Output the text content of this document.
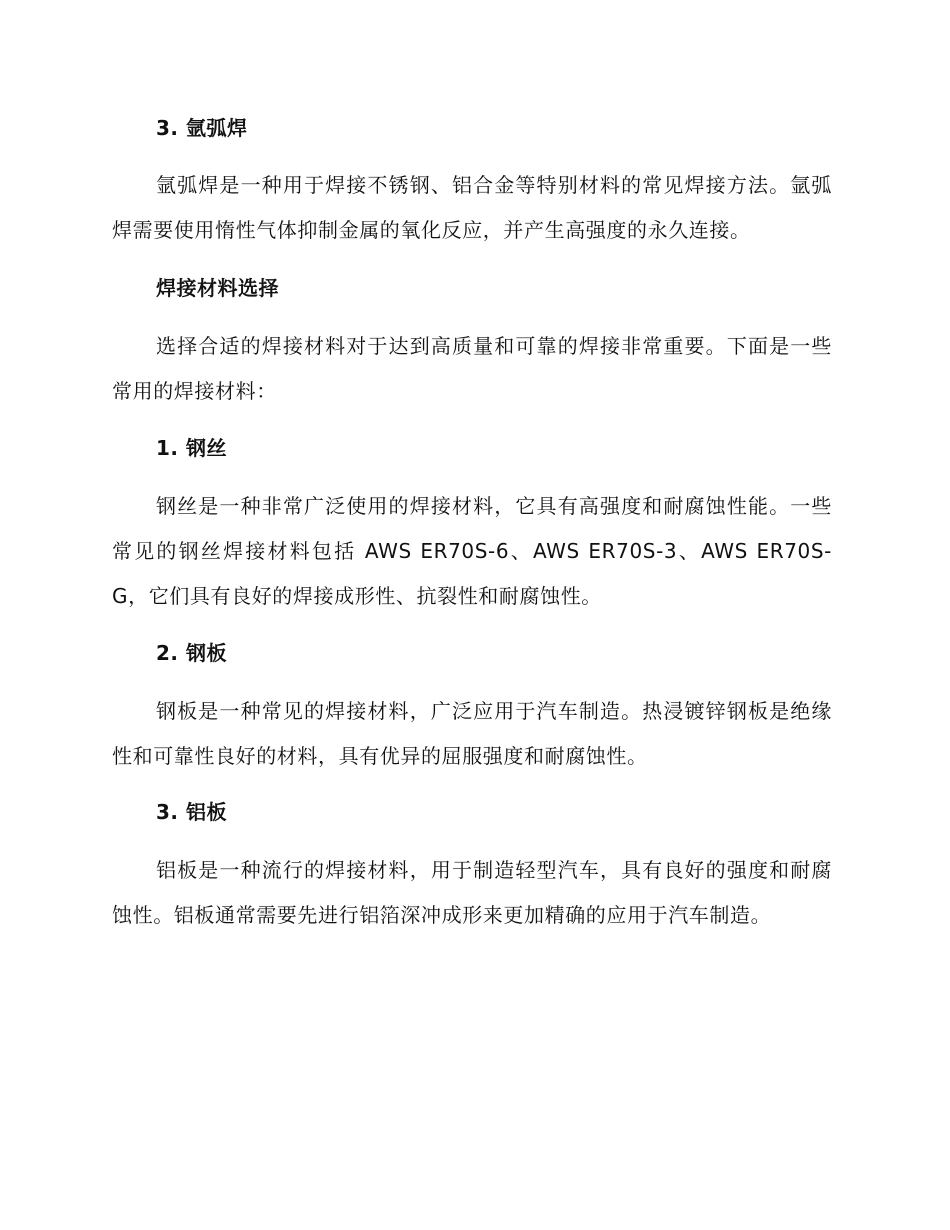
3. 氩弧焊
氩弧焊是一种用于焊接不锈钢、铝合金等特别材料的常见焊接方法。氩弧焊需要使用惰性气体抑制金属的氧化反应，并产生高强度的永久连接。
焊接材料选择
选择合适的焊接材料对于达到高质量和可靠的焊接非常重要。下面是一些常用的焊接材料：
1. 钢丝
钢丝是一种非常广泛使用的焊接材料，它具有高强度和耐腐蚀性能。一些常见的钢丝焊接材料包括 AWS ER70S-6、AWS ER70S-3、AWS ER70S-G，它们具有良好的焊接成形性、抗裂性和耐腐蚀性。
2. 钢板
钢板是一种常见的焊接材料，广泛应用于汽车制造。热浸镀锌钢板是绝缘性和可靠性良好的材料，具有优异的屈服强度和耐腐蚀性。
3. 铝板
铝板是一种流行的焊接材料，用于制造轻型汽车，具有良好的强度和耐腐蚀性。铝板通常需要先进行铝箔深冲成形来更加精确的应用于汽车制造。
